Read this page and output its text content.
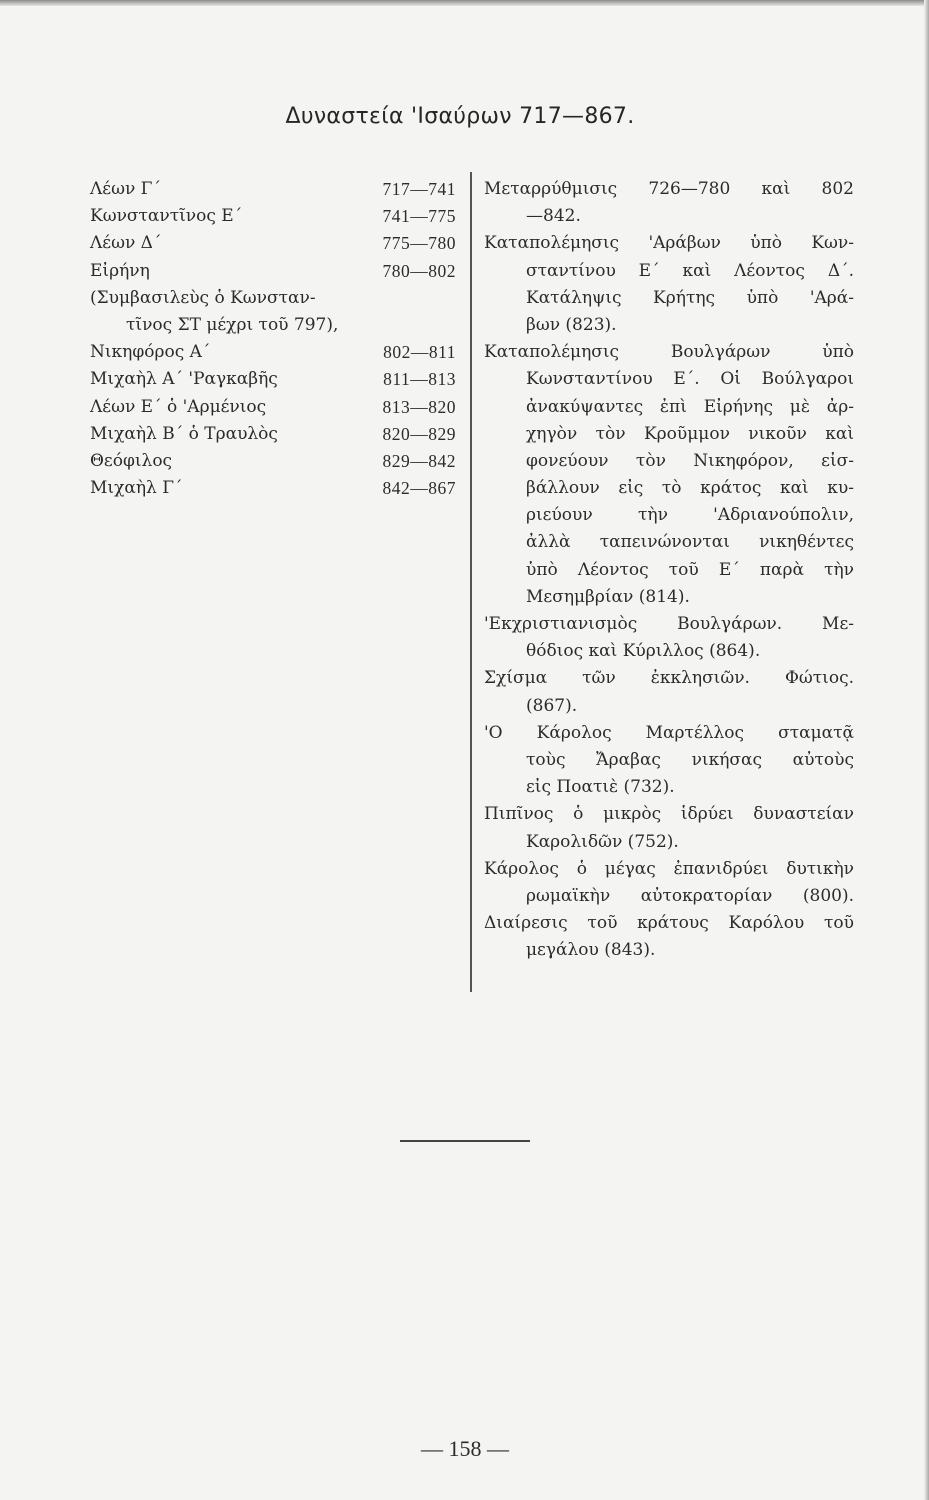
Δυναστεία 'Ισαύρων 717—867.
Λέων Γ΄	717—741
Κωνσταντῖνος Ε΄	741—775
Λέων Δ΄	775—780
Εἰρήνη	780—802
(Συμβασιλεὺς ὁ Κωνσταν-
τῖνος ΣΤ μέχρι τοῦ 797),
Νικηφόρος Α΄	802—811
Μιχαὴλ Α΄ 'Ραγκαβῆς	811—813
Λέων Ε΄ ὁ 'Αρμένιος	813—820
Μιχαὴλ Β΄ ὁ Τραυλὸς	820—829
Θεόφιλος	829—842
Μιχαὴλ Γ΄	842—867
Μεταρρύθμισις 726—780 καὶ 802
—842.
Καταπολέμησις 'Αράβων ὑπὸ Κων-
σταντίνου Ε΄ καὶ Λέοντος Δ΄.
Κατάληψις Κρήτης ὑπὸ 'Αρά-
βων (823).
Καταπολέμησις Βουλγάρων ὑπὸ
Κωνσταντίνου Ε΄. Οἱ Βούλγαροι
ἀνακύψαντες ἐπὶ Εἰρήνης μὲ ἀρ-
χηγὸν τὸν Κροῦμμον νικοῦν καὶ
φονεύουν τὸν Νικηφόρον, εἰσ-
βάλλουν εἰς τὸ κράτος καὶ κυ-
ριεύουν τὴν 'Αδριανούπολιν,
ἀλλὰ ταπεινώνονται νικηθέντες
ὑπὸ Λέοντος τοῦ Ε΄ παρὰ τὴν
Μεσημβρίαν (814).
'Εκχριστιανισμὸς Βουλγάρων. Με-
θόδιος καὶ Κύριλλος (864).
Σχίσμα τῶν ἐκκλησιῶν. Φώτιος.
(867).
'Ο Κάρολος Μαρτέλλος σταματᾷ
τοὺς Ἄραβας νικήσας αὐτοὺς
εἰς Ποατιὲ (732).
Πιπῖνος ὁ μικρὸς ἱδρύει δυναστείαν
Καρολιδῶν (752).
Κάρολος ὁ μέγας ἐπανιδρύει δυτικὴν
ρωμαϊκὴν αὐτοκρατορίαν (800).
Διαίρεσις τοῦ κράτους Καρόλου τοῦ
μεγάλου (843).
— 158 —
